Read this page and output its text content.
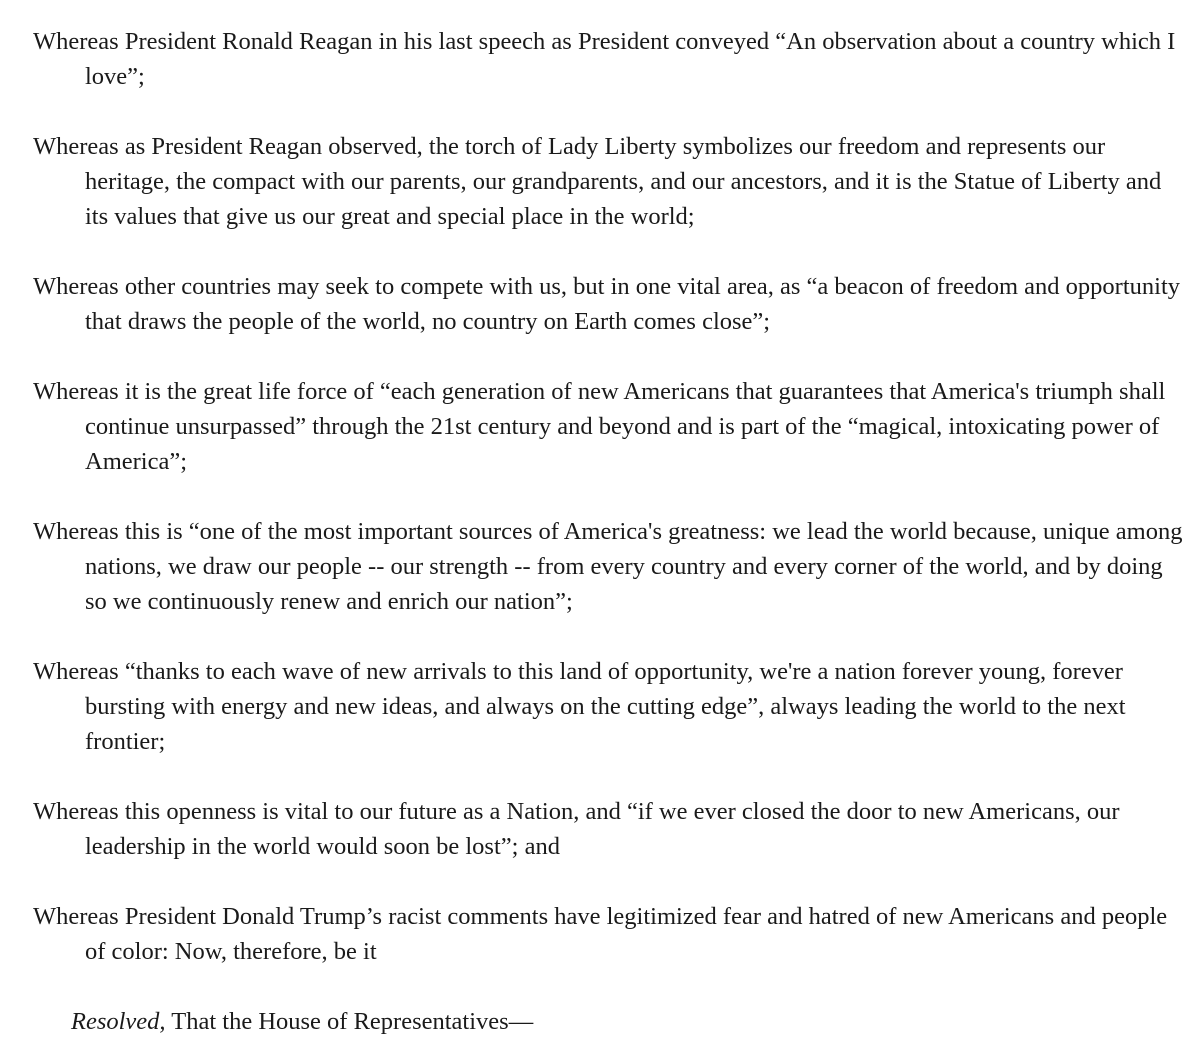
Whereas President Ronald Reagan in his last speech as President conveyed “An observation about a country which I love”;

Whereas as President Reagan observed, the torch of Lady Liberty symbolizes our freedom and represents our heritage, the compact with our parents, our grandparents, and our ancestors, and it is the Statue of Liberty and its values that give us our great and special place in the world;

Whereas other countries may seek to compete with us, but in one vital area, as “a beacon of freedom and opportunity that draws the people of the world, no country on Earth comes close”;

Whereas it is the great life force of “each generation of new Americans that guarantees that America's triumph shall continue unsurpassed” through the 21st century and beyond and is part of the “magical, intoxicating power of America”;

Whereas this is “one of the most important sources of America's greatness: we lead the world because, unique among nations, we draw our people -- our strength -- from every country and every corner of the world, and by doing so we continuously renew and enrich our nation”;

Whereas “thanks to each wave of new arrivals to this land of opportunity, we're a nation forever young, forever bursting with energy and new ideas, and always on the cutting edge”, always leading the world to the next frontier;

Whereas this openness is vital to our future as a Nation, and “if we ever closed the door to new Americans, our leadership in the world would soon be lost”; and

Whereas President Donald Trump’s racist comments have legitimized fear and hatred of new Americans and people of color: Now, therefore, be it

Resolved, That the House of Representatives—
